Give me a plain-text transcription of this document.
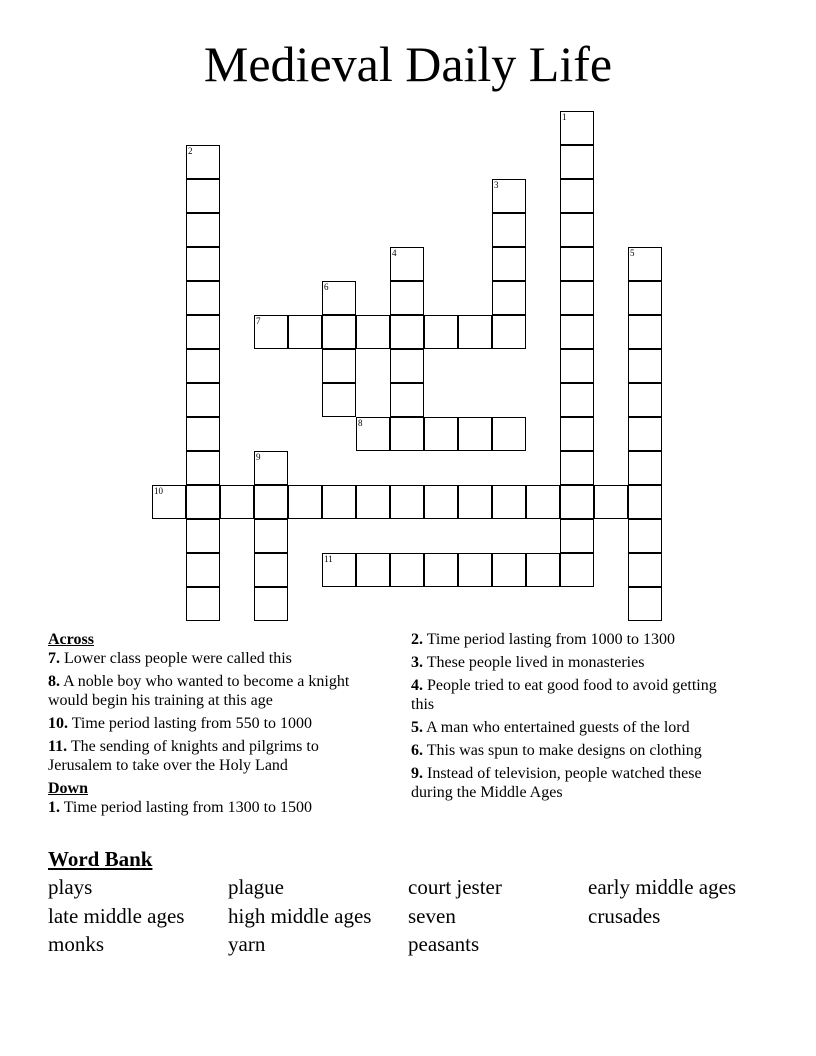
Medieval Daily Life
1
2
3
4	5
6
7
8
9
10
11
Across
7. Lower class people were called this
8. A noble boy who wanted to become a knight would begin his training at this age
10. Time period lasting from 550 to 1000
11. The sending of knights and pilgrims to Jerusalem to take over the Holy Land
Down
1. Time period lasting from 1300 to 1500
2. Time period lasting from 1000 to 1300
3. These people lived in monasteries
4. People tried to eat good food to avoid getting this
5. A man who entertained guests of the lord
6. This was spun to make designs on clothing
9. Instead of television, people watched these during the Middle Ages
Word Bank
plays	plague	court jester	early middle ages
late middle ages	high middle ages	seven	crusades
monks	yarn	peasants
